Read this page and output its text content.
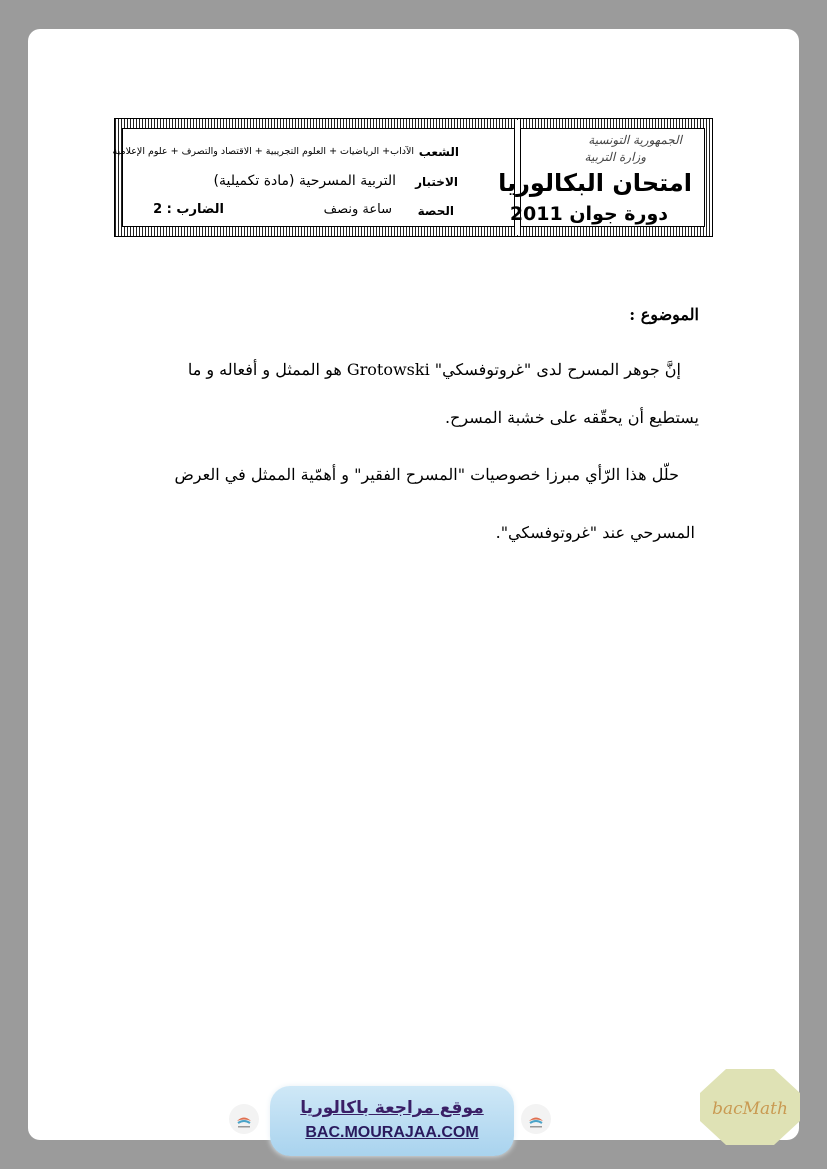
الجمهورية التونسية
وزارة التربية
امتحان البكالوريا
دورة جوان 2011
الشعب
الآداب+ الرياضيات + العلوم التجريبية + الاقتصاد والتصرف + علوم الإعلامية
الاختبار
التربية المسرحية (مادة تكميلية)
الحصة
ساعة ونصف
الضارب : 2
الموضوع :
إنَّ جوهر المسرح لدى "غروتوفسكي" Grotowski هو الممثل و أفعاله و ما
يستطيع أن يحقّقه على خشبة المسرح.
حلّل هذا الرّأي مبرزا خصوصيات "المسرح الفقير" و أهمّية الممثل في العرض
المسرحي عند "غروتوفسكي".
موقع مراجعة باكالوريا
BAC.MOURAJAA.COM
bacMath
